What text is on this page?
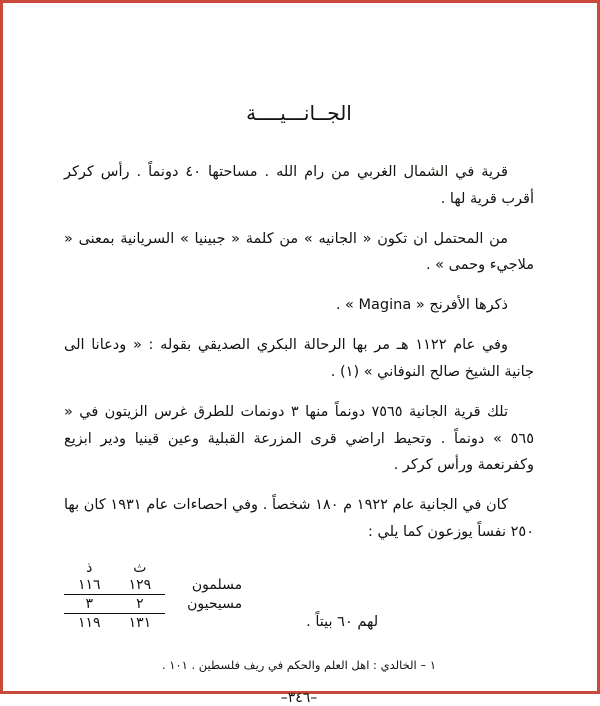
الجــانـــيــــة

قرية في الشمال الغربي من رام الله . مساحتها ٤٠ دونماً . رأس كركر أقرب قرية لها .

من المحتمل ان تكون « الجانيه » من كلمة « جبينيا » السريانية بمعنى « ملاجيء وحمى » .

ذكرها الأفرنج « Magina » .

وفي عام ١١٢٢ هـ مر بها الرحالة البكري الصديقي بقوله : « ودعانا الى جانية الشيخ صالح النوفاني » (١) .

تلك قرية الجانية ٧٥٦٥ دونماً منها ٣ دونمات للطرق غرس الزيتون في « ٥٦٥ » دونماً . وتحيط اراضي قرى المزرعة القبلية وعين قينيا ودير ابزيع وكفرنعمة ورأس كركر .

كان في الجانية عام ١٩٢٢ م ١٨٠ شخصاً . وفي احصاءات عام ١٩٣١ كان بها ٢٥٠ نفساً يوزعون كما يلي :

	ث	ذ
مسلمون	١٢٩	١١٦
مسيحيون	٢	٣
	١٣١	١١٩	لهم ٦٠ بيتاً .
١ – الخالدي : اهل العلم والحكم في ريف فلسطين . ١٠١ .
–٣٤٦–
